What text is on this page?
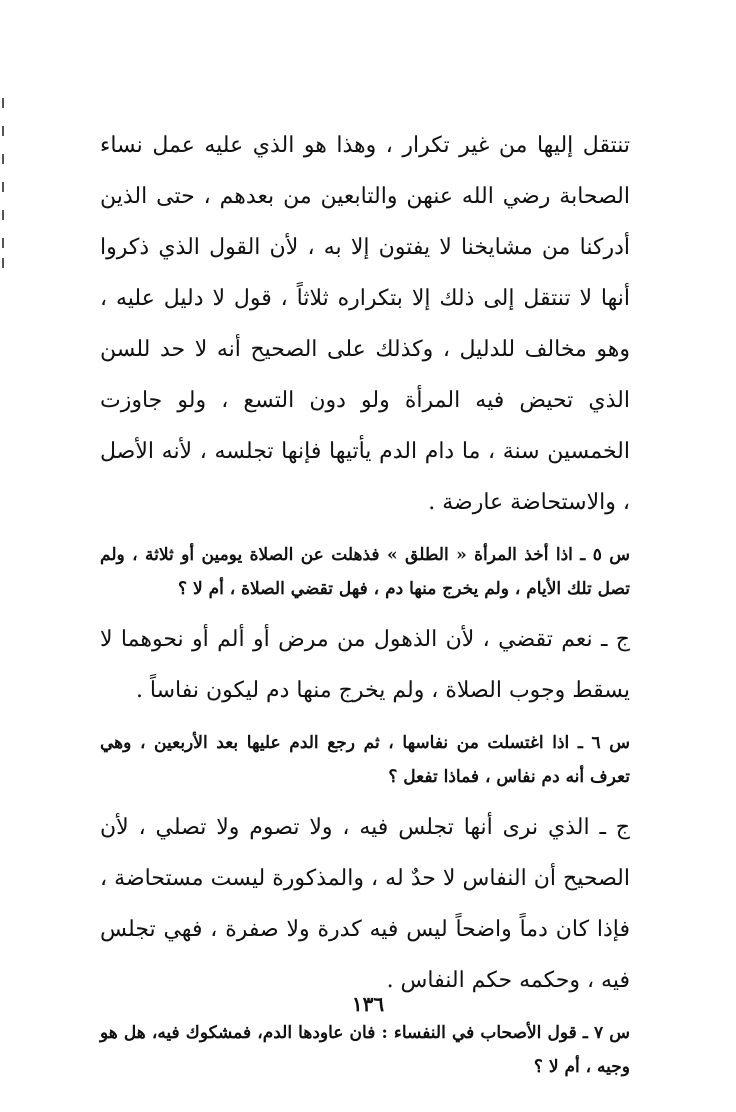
تنتقل إليها من غير تكرار ، وهذا هو الذي عليه عمل نساء الصحابة رضي الله عنهن والتابعين من بعدهم ، حتى الذين أدركنا من مشايخنا لا يفتون إلا به ، لأن القول الذي ذكروا أنها لا تنتقل إلى ذلك إلا بتكراره ثلاثاً ، قول لا دليل عليه ، وهو مخالف للدليل ، وكذلك على الصحيح أنه لا حد للسن الذي تحيض فيه المرأة ولو دون التسع ، ولو جاوزت الخمسين سنة ، ما دام الدم يأتيها فإنها تجلسه ، لأنه الأصل ، والاستحاضة عارضة .

س ٥ ـ اذا أخذ المرأة « الطلق » فذهلت عن الصلاة يومين أو ثلاثة ، ولم تصل تلك الأيام ، ولم يخرج منها دم ، فهل تقضي الصلاة ، أم لا ؟

ج ـ نعم تقضي ، لأن الذهول من مرض أو ألم أو نحوهما لا يسقط وجوب الصلاة ، ولم يخرج منها دم ليكون نفاساً .

س ٦ ـ اذا اغتسلت من نفاسها ، ثم رجع الدم عليها بعد الأربعين ، وهي تعرف أنه دم نفاس ، فماذا تفعل ؟

ج ـ الذي نرى أنها تجلس فيه ، ولا تصوم ولا تصلي ، لأن الصحيح أن النفاس لا حدٌ له ، والمذكورة ليست مستحاضة ، فإذا كان دماً واضحاً ليس فيه كدرة ولا صفرة ، فهي تجلس فيه ، وحكمه حكم النفاس .

س ٧ ـ قول الأصحاب في النفساء : فان عاودها الدم، فمشكوك فيه، هل هو وجيه ، أم لا ؟

١٣٦
